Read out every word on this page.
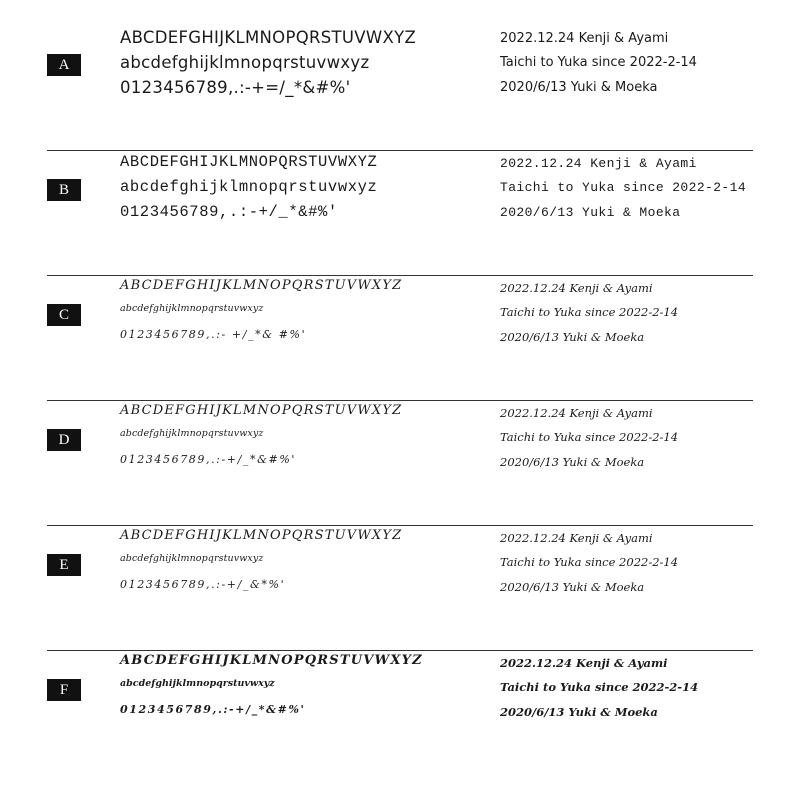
A
ABCDEFGHIJKLMNOPQRSTUVWXYZ
abcdefghijklmnopqrstuvwxyz
0123456789,.:-+=/_*&#%'
2022.12.24 Kenji & Ayami
Taichi to Yuka since 2022-2-14
2020/6/13 Yuki & Moeka
B
ABCDEFGHIJKLMNOPQRSTUVWXYZ
abcdefghijklmnopqrstuvwxyz
0123456789,.:-+/_*&#%'
2022.12.24 Kenji & Ayami
Taichi to Yuka since 2022-2-14
2020/6/13 Yuki & Moeka
C
ABCDEFGHIJKLMNOPQRSTUVWXYZ
abcdefghijklmnopqrstuvwxyz
0123456789,.:- +/_*& #%'
2022.12.24 Kenji & Ayami
Taichi to Yuka since 2022-2-14
2020/6/13 Yuki & Moeka
D
ABCDEFGHIJKLMNOPQRSTUVWXYZ
abcdefghijklmnopqrstuvwxyz
0123456789,.:-+/_*&#%'
2022.12.24 Kenji & Ayami
Taichi to Yuka since 2022-2-14
2020/6/13 Yuki & Moeka
E
ABCDEFGHIJKLMNOPQRSTUVWXYZ
abcdefghijklmnopqrstuvwxyz
0123456789,.:-+/_&*%'
2022.12.24 Kenji & Ayami
Taichi to Yuka since 2022-2-14
2020/6/13 Yuki & Moeka
F
ABCDEFGHIJKLMNOPQRSTUVWXYZ
abcdefghijklmnopqrstuvwxyz
0123456789,.:-+/_*&#%'
2022.12.24 Kenji & Ayami
Taichi to Yuka since 2022-2-14
2020/6/13 Yuki & Moeka
